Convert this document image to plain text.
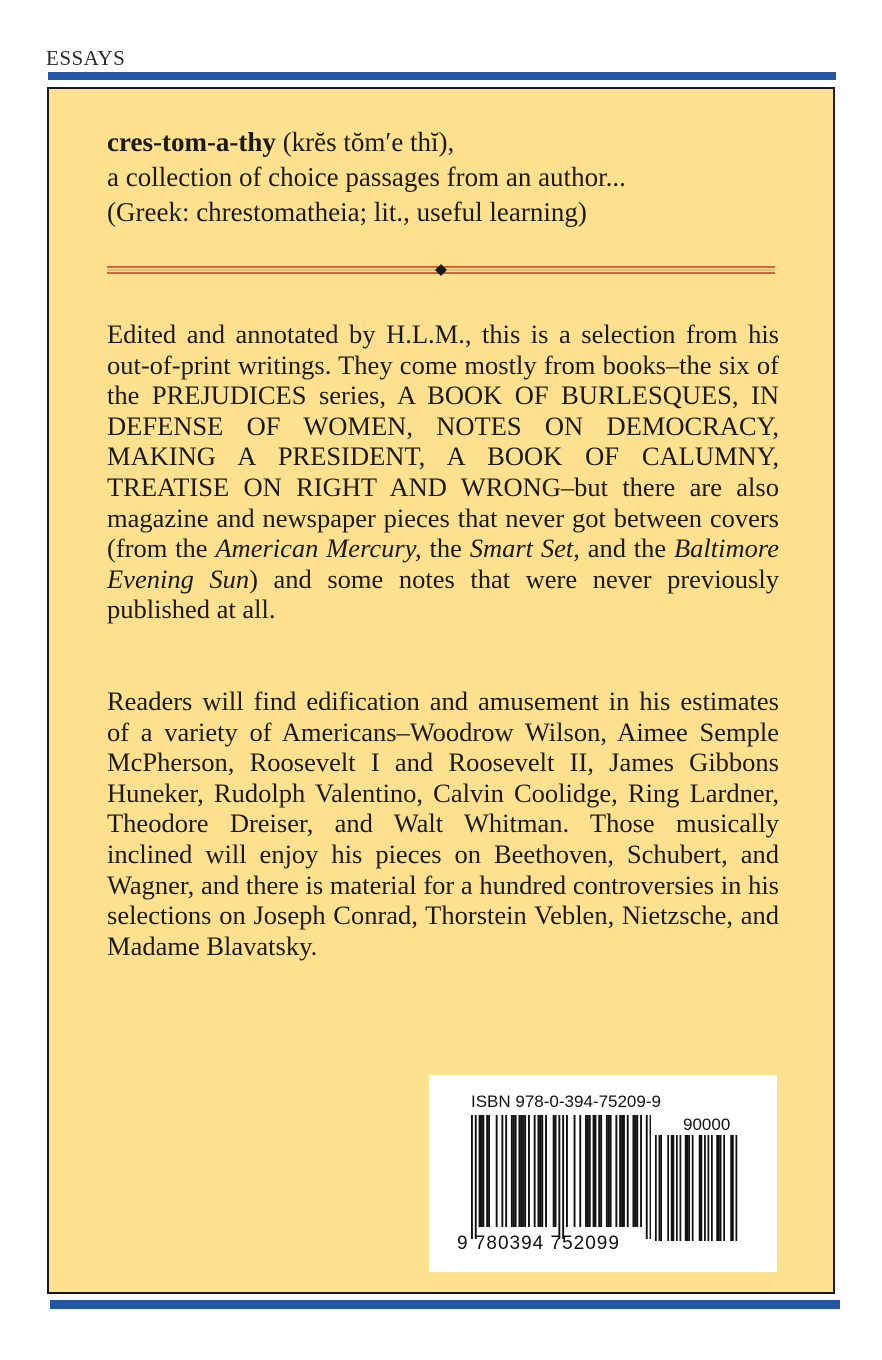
ESSAYS
cres-tom-a-thy (krĕs tŏm′e thĭ),
a collection of choice passages from an author...
(Greek: chrestomatheia; lit., useful learning)
Edited and annotated by H.L.M., this is a selection from his out-of-print writings. They come mostly from books–the six of the PREJUDICES series, A BOOK OF BURLESQUES, IN DEFENSE OF WOMEN, NOTES ON DEMOCRACY, MAKING A PRESIDENT, A BOOK OF CALUMNY, TREATISE ON RIGHT AND WRONG–but there are also magazine and newspaper pieces that never got between covers (from the American Mercury, the Smart Set, and the Baltimore Evening Sun) and some notes that were never previously published at all.
Readers will find edification and amusement in his estimates of a variety of Americans–Woodrow Wilson, Aimee Semple McPherson, Roosevelt I and Roosevelt II, James Gibbons Huneker, Rudolph Valentino, Calvin Coolidge, Ring Lardner, Theodore Dreiser, and Walt Whitman. Those musically inclined will enjoy his pieces on Beethoven, Schubert, and Wagner, and there is material for a hundred controversies in his selections on Joseph Conrad, Thorstein Veblen, Nietzsche, and Madame Blavatsky.
ISBN 978-0-394-75209-9
90000
9 780394 752099
